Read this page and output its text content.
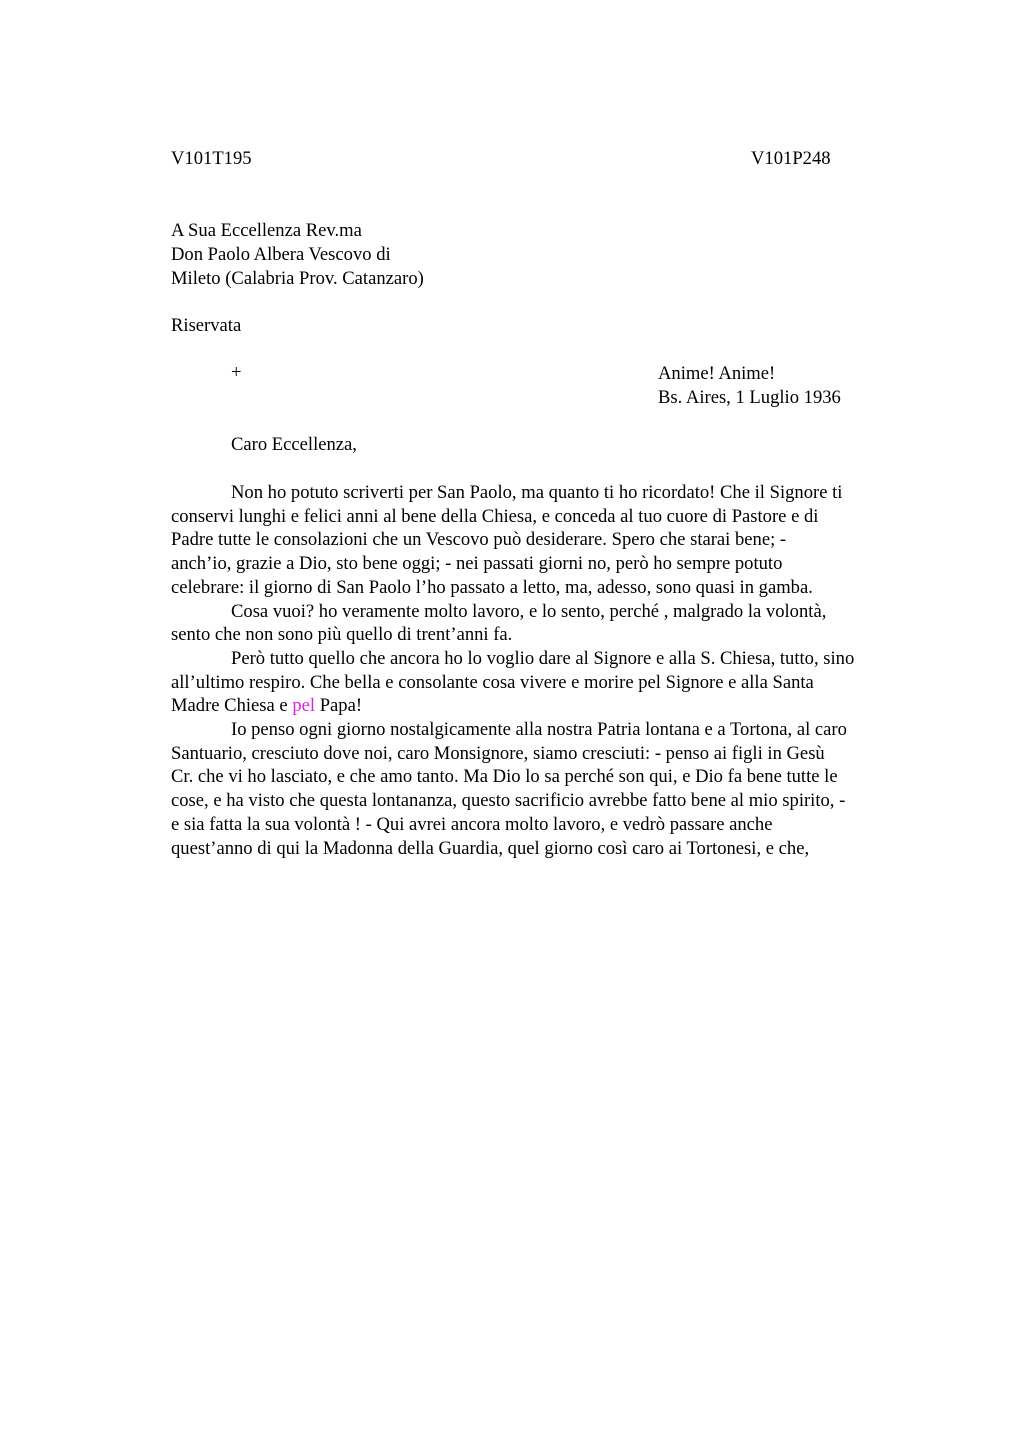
V101T195	V101P248
A Sua Eccellenza Rev.ma
Don Paolo Albera Vescovo di
Mileto (Calabria Prov. Catanzaro)
Riservata
+	Anime! Anime!
Bs. Aires, 1 Luglio 1936
Caro Eccellenza,
Non ho potuto scriverti per San Paolo, ma quanto ti ho ricordato! Che il Signore ti
conservi lunghi e felici anni al bene della Chiesa, e conceda al tuo cuore di Pastore e di
Padre tutte le consolazioni che un Vescovo può desiderare. Spero che starai bene; -
anch’io, grazie a Dio, sto bene oggi; - nei passati giorni no, però ho sempre potuto
celebrare: il giorno di San Paolo l’ho passato a letto, ma, adesso, sono quasi in gamba.
Cosa vuoi? ho veramente molto lavoro, e lo sento, perché , malgrado la volontà,
sento che non sono più quello di trent’anni fa.
Però tutto quello che ancora ho lo voglio dare al Signore e alla S. Chiesa, tutto, sino
all’ultimo respiro. Che bella e consolante cosa vivere e morire pel Signore e alla Santa
Madre Chiesa e pel Papa!
Io penso ogni giorno nostalgicamente alla nostra Patria lontana e a Tortona, al caro
Santuario, cresciuto dove noi, caro Monsignore, siamo cresciuti: - penso ai figli in Gesù
Cr. che vi ho lasciato, e che amo tanto. Ma Dio lo sa perché son qui, e Dio fa bene tutte le
cose, e ha visto che questa lontananza, questo sacrificio avrebbe fatto bene al mio spirito, -
e sia fatta la sua volontà ! - Qui avrei ancora molto lavoro, e vedrò passare anche
quest’anno di qui la Madonna della Guardia, quel giorno così caro ai Tortonesi, e che,
